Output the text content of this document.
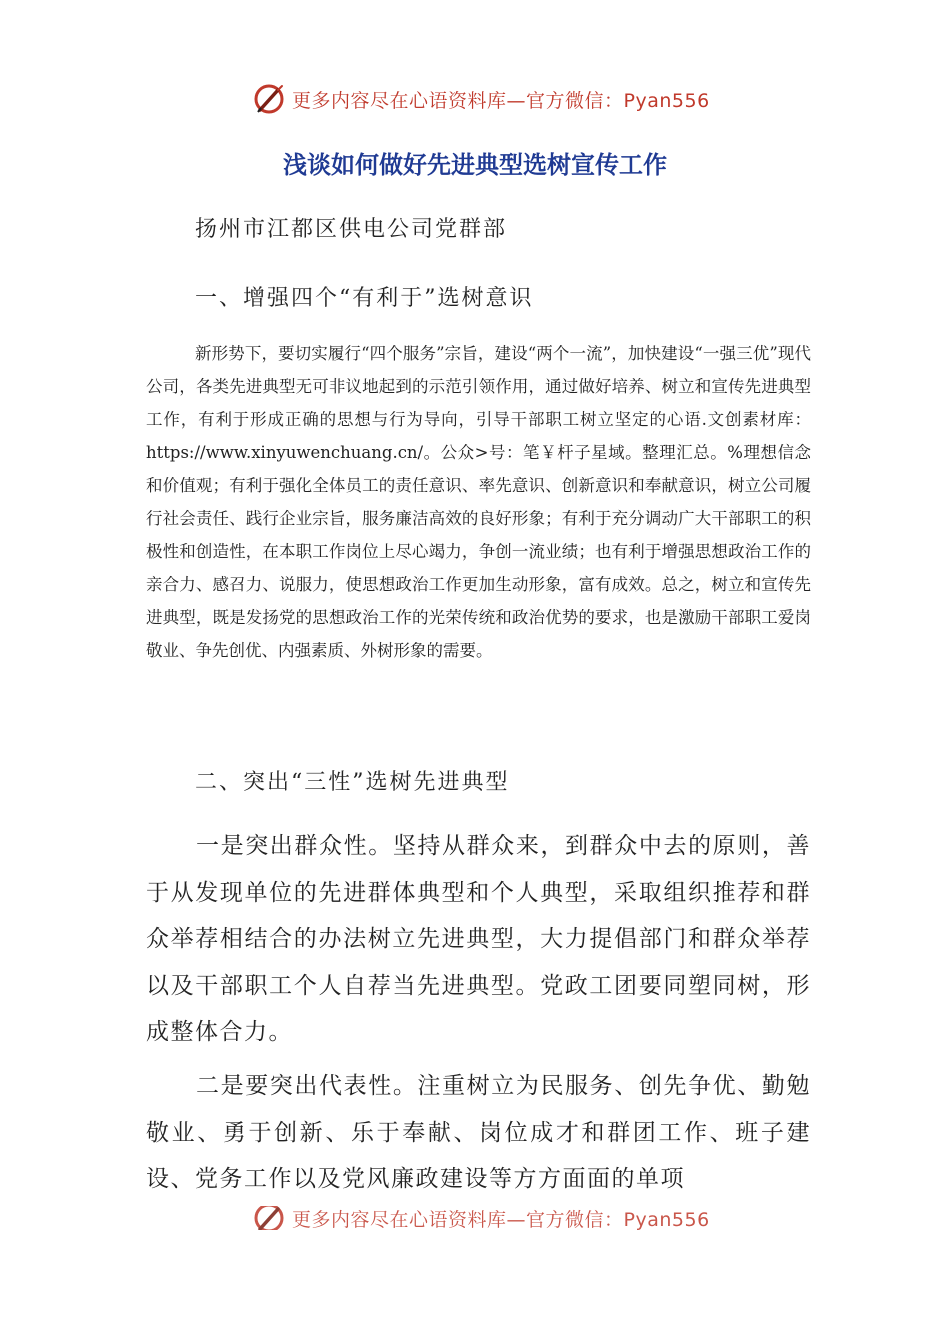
更多内容尽在心语资料库—官方微信：Pyan556
浅谈如何做好先进典型选树宣传工作
扬州市江都区供电公司党群部
一、增强四个“有利于”选树意识

新形势下，要切实履行“四个服务”宗旨，建设“两个一流”，加快建设“一强三优”现代公司，各类先进典型无可非议地起到的示范引领作用，通过做好培养、树立和宣传先进典型工作，有利于形成正确的思想与行为导向，引导干部职工树立坚定的心语.文创素材库：https://www.xinyuwenchuang.cn/。公众>号：笔￥杆子星域。整理汇总。%理想信念和价值观；有利于强化全体员工的责任意识、率先意识、创新意识和奉献意识，树立公司履行社会责任、践行企业宗旨，服务廉洁高效的良好形象；有利于充分调动广大干部职工的积极性和创造性，在本职工作岗位上尽心竭力，争创一流业绩；也有利于增强思想政治工作的亲合力、感召力、说服力，使思想政治工作更加生动形象，富有成效。总之，树立和宣传先进典型，既是发扬党的思想政治工作的光荣传统和政治优势的要求，也是激励干部职工爱岗敬业、争先创优、内强素质、外树形象的需要。

二、突出“三性”选树先进典型

一是突出群众性。坚持从群众来，到群众中去的原则，善于从发现单位的先进群体典型和个人典型，采取组织推荐和群众举荐相结合的办法树立先进典型，大力提倡部门和群众举荐以及干部职工个人自荐当先进典型。党政工团要同塑同树，形成整体合力。

二是要突出代表性。注重树立为民服务、创先争优、勤勉敬业、勇于创新、乐于奉献、岗位成才和群团工作、班子建设、党务工作以及党风廉政建设等方方面面的单项

更多内容尽在心语资料库—官方微信：Pyan556
